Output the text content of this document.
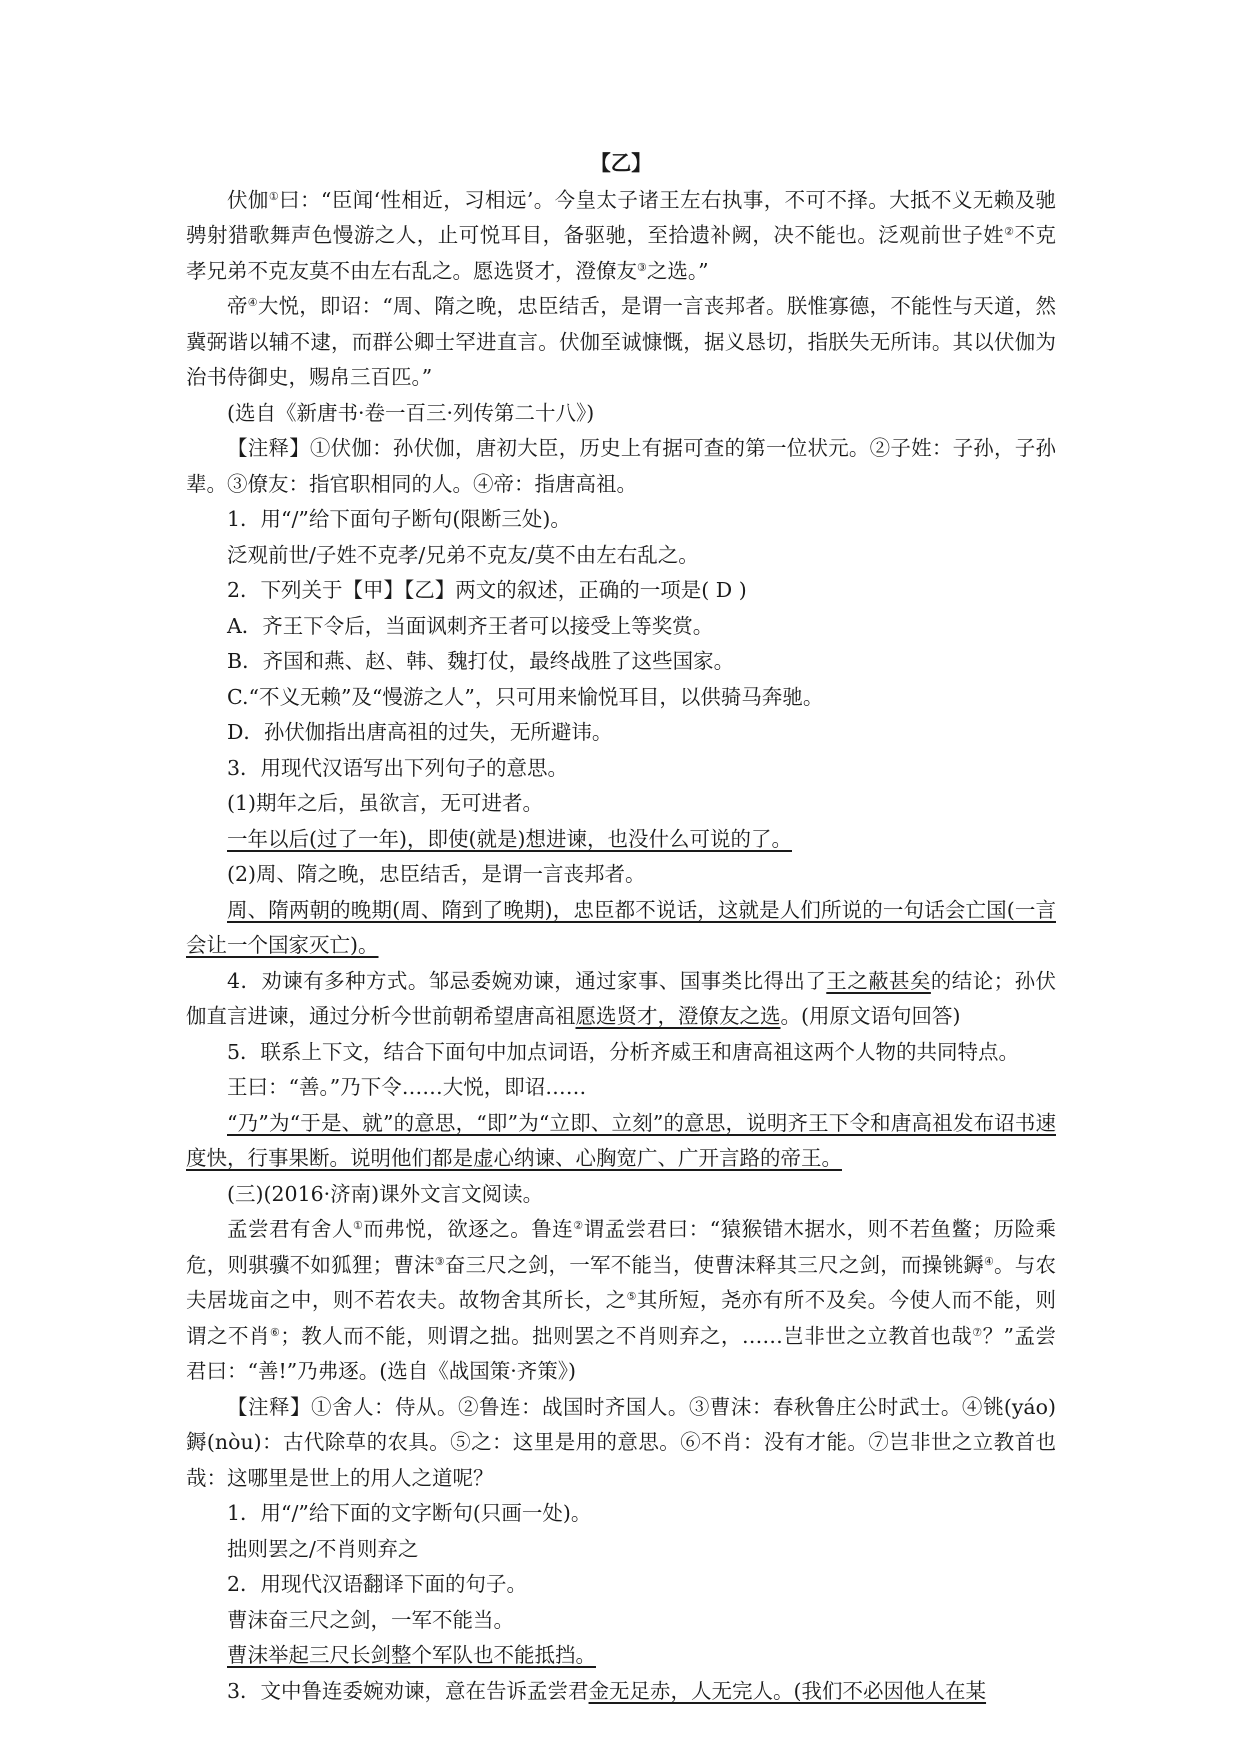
【乙】

伏伽①曰：“臣闻‘性相近，习相远’。今皇太子诸王左右执事，不可不择。大抵不义无赖及驰骋射猎歌舞声色慢游之人，止可悦耳目，备驱驰，至拾遗补阙，决不能也。泛观前世子姓②不克孝兄弟不克友莫不由左右乱之。愿选贤才，澄僚友③之选。”

帝④大悦，即诏：“周、隋之晚，忠臣结舌，是谓一言丧邦者。朕惟寡德，不能性与天道，然冀弼谐以辅不逮，而群公卿士罕进直言。伏伽至诚慷慨，据义恳切，指朕失无所讳。其以伏伽为治书侍御史，赐帛三百匹。”

(选自《新唐书·卷一百三·列传第二十八》)

【注释】①伏伽：孙伏伽，唐初大臣，历史上有据可查的第一位状元。②子姓：子孙，子孙辈。③僚友：指官职相同的人。④帝：指唐高祖。

1．用“/”给下面句子断句(限断三处)。

泛观前世/子姓不克孝/兄弟不克友/莫不由左右乱之。

2．下列关于【甲】【乙】两文的叙述，正确的一项是( D )

A．齐王下令后，当面讽刺齐王者可以接受上等奖赏。

B．齐国和燕、赵、韩、魏打仗，最终战胜了这些国家。

C.“不义无赖”及“慢游之人”，只可用来愉悦耳目，以供骑马奔驰。

D．孙伏伽指出唐高祖的过失，无所避讳。

3．用现代汉语写出下列句子的意思。

(1)期年之后，虽欲言，无可进者。

一年以后(过了一年)，即使(就是)想进谏，也没什么可说的了。

(2)周、隋之晚，忠臣结舌，是谓一言丧邦者。

周、隋两朝的晚期(周、隋到了晚期)，忠臣都不说话，这就是人们所说的一句话会亡国(一言会让一个国家灭亡)。

4．劝谏有多种方式。邹忌委婉劝谏，通过家事、国事类比得出了王之蔽甚矣的结论；孙伏伽直言进谏，通过分析今世前朝希望唐高祖愿选贤才，澄僚友之选。(用原文语句回答)

5．联系上下文，结合下面句中加点词语，分析齐威王和唐高祖这两个人物的共同特点。

王曰：“善。”乃下令……大悦，即诏……

“乃”为“于是、就”的意思，“即”为“立即、立刻”的意思，说明齐王下令和唐高祖发布诏书速度快，行事果断。说明他们都是虚心纳谏、心胸宽广、广开言路的帝王。

(三)(2016·济南)课外文言文阅读。

孟尝君有舍人①而弗悦，欲逐之。鲁连②谓孟尝君曰：“猿猴错木据水，则不若鱼鳖；历险乘危，则骐骥不如狐狸；曹沫③奋三尺之剑，一军不能当，使曹沫释其三尺之剑，而操铫鎒④。与农夫居垅亩之中，则不若农夫。故物舍其所长，之⑤其所短，尧亦有所不及矣。今使人而不能，则谓之不肖⑥；教人而不能，则谓之拙。拙则罢之不肖则弃之，……岂非世之立教首也哉⑦？”孟尝君曰：“善!”乃弗逐。(选自《战国策·齐策》)

【注释】①舍人：侍从。②鲁连：战国时齐国人。③曹沫：春秋鲁庄公时武士。④铫(yáo)鎒(nòu)：古代除草的农具。⑤之：这里是用的意思。⑥不肖：没有才能。⑦岂非世之立教首也哉：这哪里是世上的用人之道呢？

1．用“/”给下面的文字断句(只画一处)。

拙则罢之/不肖则弃之

2．用现代汉语翻译下面的句子。

曹沫奋三尺之剑，一军不能当。

曹沫举起三尺长剑整个军队也不能抵挡。

3．文中鲁连委婉劝谏，意在告诉孟尝君金无足赤，人无完人。(我们不必因他人在某
